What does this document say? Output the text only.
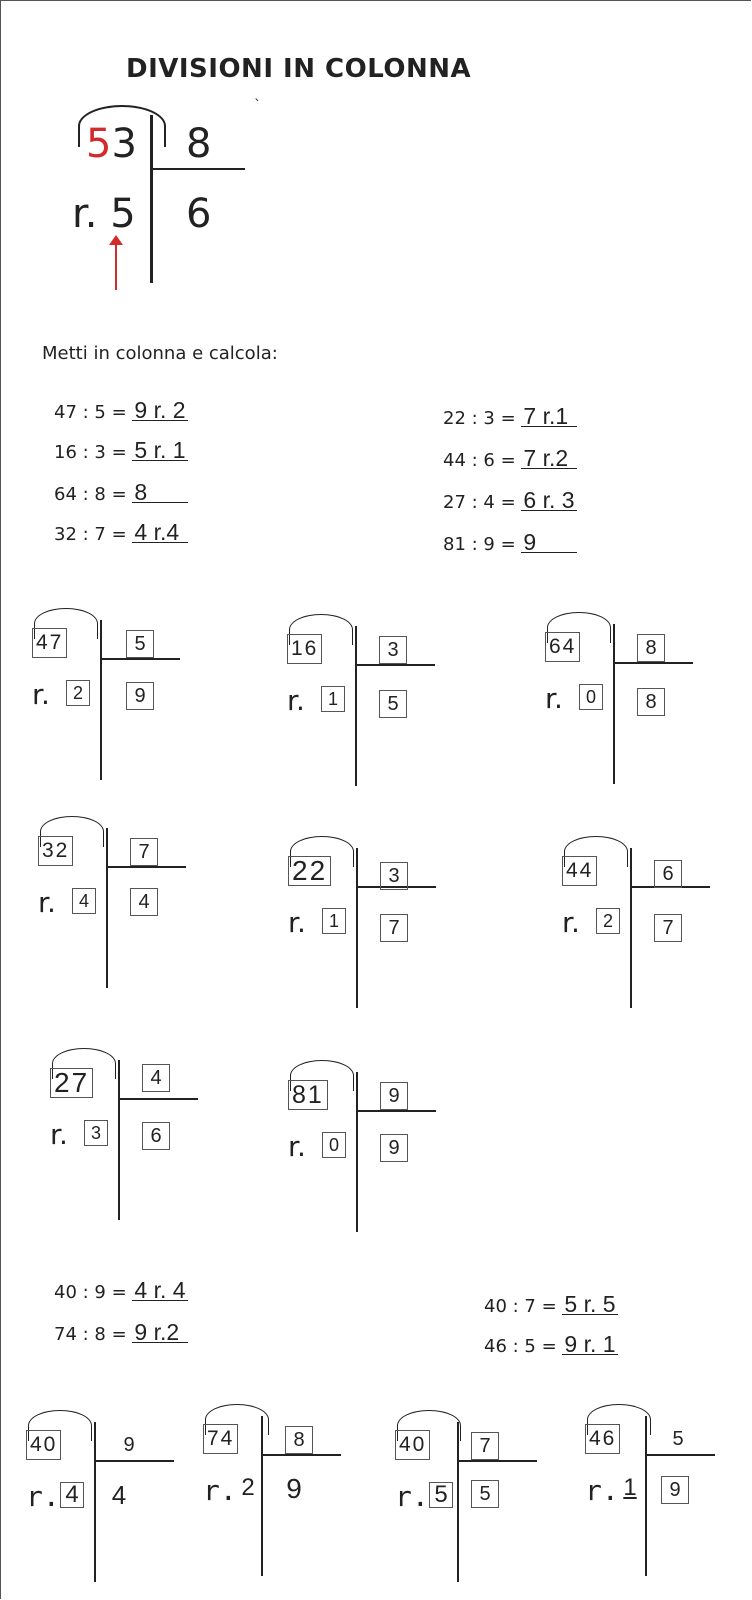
DIVISIONI IN COLONNA
`
53 8
r. 5 6
Metti in colonna e calcola:
47 : 5 = 9 r. 2
16 : 3 = 5 r. 1
64 : 8 = 8
32 : 7 = 4 r.4
22 : 3 = 7 r.1
44 : 6 = 7 r.2
27 : 4 = 6 r. 3
81 : 9 = 9
47	5
r.	2	9
16	3
r.	1	5
64	8
r.	0	8
32	7
r.	4	4
22	3
r.	1	7
44	6
r.	2	7
27	4
r.	3	6
81	9
r.	0	9
40 : 9 = 4 r. 4
74 : 8 = 9 r.2
40 : 7 = 5 r. 5
46 : 5 = 9 r. 1
40	9
r. 4 4
74	8
r. 2 9
40	7
r. 5	5
46	5
r. 1	9
